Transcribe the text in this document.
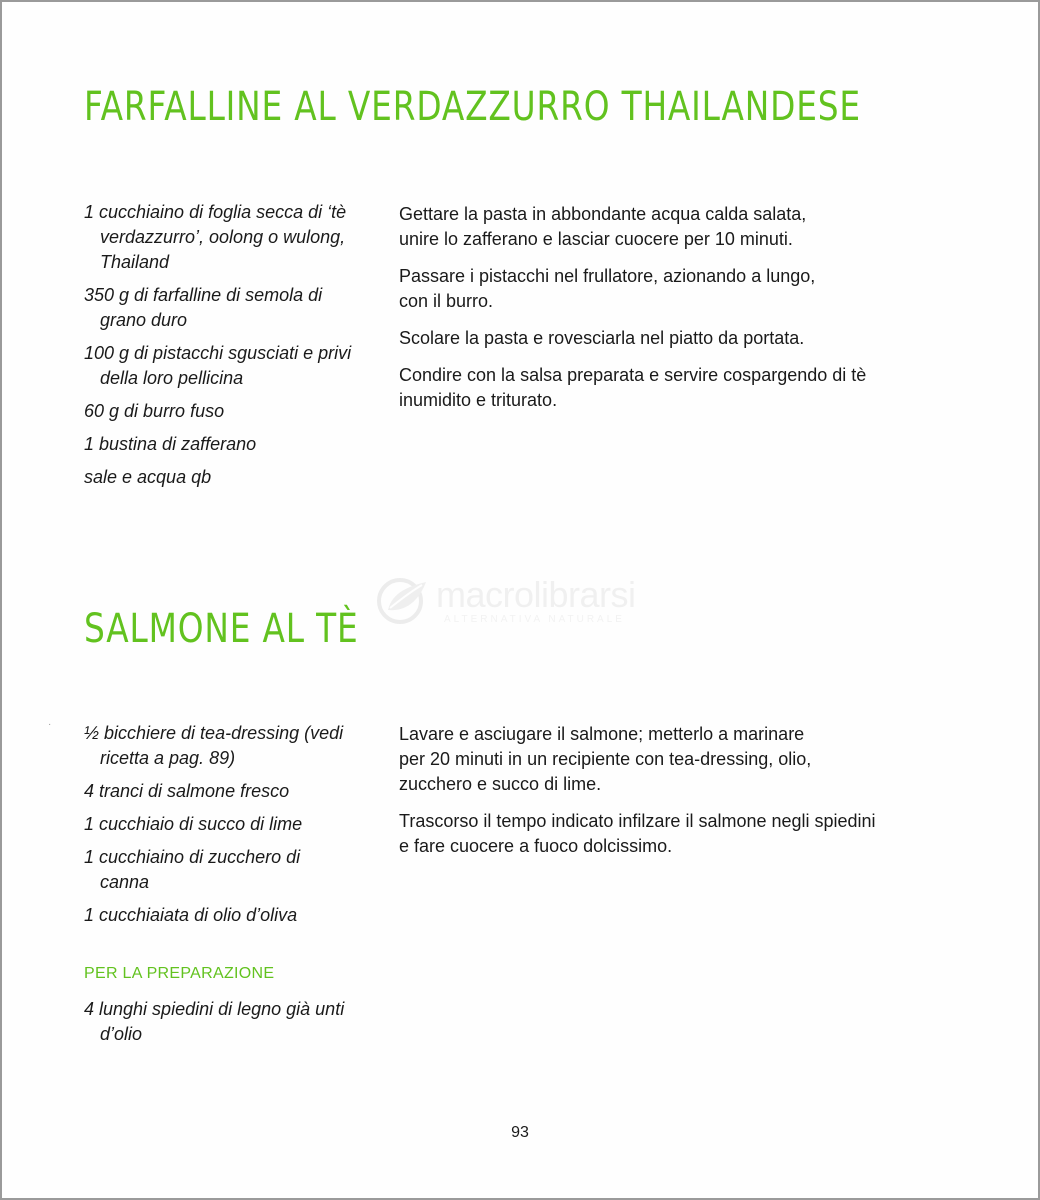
FARFALLINE AL VERDAZZURRO THAILANDESE
1 cucchiaino di foglia secca di ‘tè verdazzurro’, oolong o wulong, Thailand
350 g di farfalline di semola di grano duro
100 g di pistacchi sgusciati e privi della loro pellicina
60 g di burro fuso
1 bustina di zafferano
sale e acqua qb

Gettare la pasta in abbondante acqua calda salata,
unire lo zafferano e lasciar cuocere per 10 minuti.

Passare i pistacchi nel frullatore, azionando a lungo,
con il burro.

Scolare la pasta e rovesciarla nel piatto da portata.

Condire con la salsa preparata e servire cospargendo di tè
inumidito e triturato.

macrolibrarsi
ALTERNATIVA NATURALE
SALMONE AL TÈ
· ½ bicchiere di tea-dressing (vedi ricetta a pag. 89)
4 tranci di salmone fresco
1 cucchiaio di succo di lime
1 cucchiaino di zucchero di canna
1 cucchiaiata di olio d’oliva
PER LA PREPARAZIONE
4 lunghi spiedini di legno già unti d’olio

Lavare e asciugare il salmone; metterlo a marinare
per 20 minuti in un recipiente con tea-dressing, olio,
zucchero e succo di lime.

Trascorso il tempo indicato infilzare il salmone negli spiedini
e fare cuocere a fuoco dolcissimo.

93
